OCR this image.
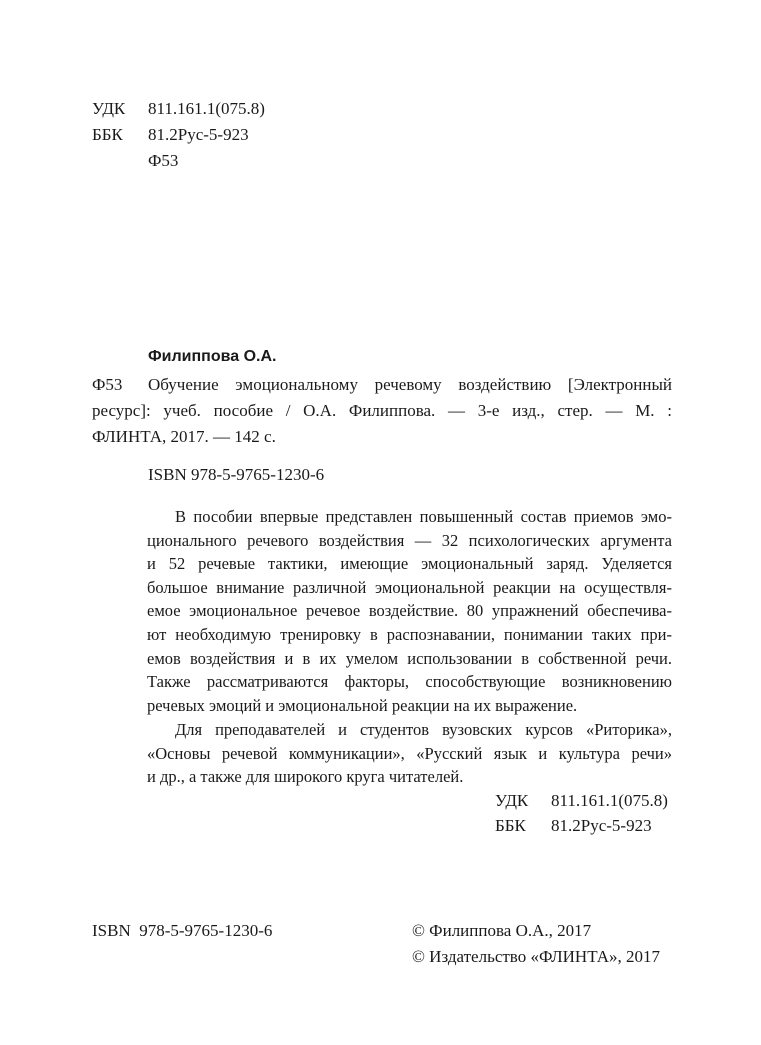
УДК 811.161.1(075.8)
ББК 81.2Рус-5-923
Ф53
Филиппова О.А.
Ф53 Обучение эмоциональному речевому воздействию [Электронный
ресурс]: учеб. пособие / О.А. Филиппова. — 3-е изд., стер. — М. :
ФЛИНТА, 2017. — 142 с.
ISBN 978-5-9765-1230-6
В пособии впервые представлен повышенный состав приемов эмо-
ционального речевого воздействия — 32 психологических аргумента
и 52 речевые тактики, имеющие эмоциональный заряд. Уделяется
большое внимание различной эмоциональной реакции на осуществля-
емое эмоциональное речевое воздействие. 80 упражнений обеспечива-
ют необходимую тренировку в распознавании, понимании таких при-
емов воздействия и в их умелом использовании в собственной речи.
Также рассматриваются факторы, способствующие возникновению
речевых эмоций и эмоциональной реакции на их выражение.
Для преподавателей и студентов вузовских курсов «Риторика»,
«Основы речевой коммуникации», «Русский язык и культура речи»
и др., а также для широкого круга читателей.
УДК 811.161.1(075.8)
ББК 81.2Рус-5-923
ISBN  978-5-9765-1230-6	© Филиппова О.А., 2017
© Издательство «ФЛИНТА», 2017
